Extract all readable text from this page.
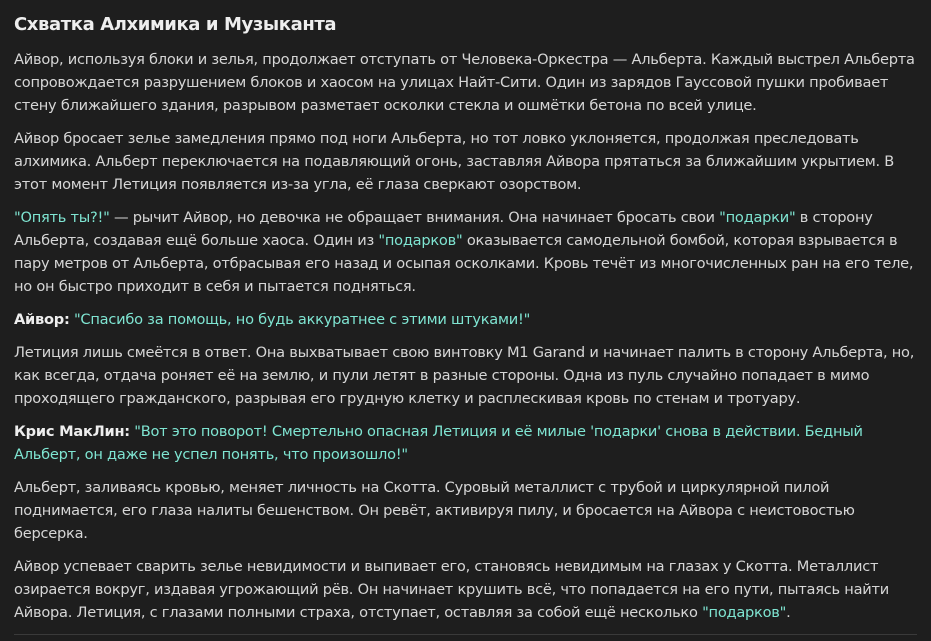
Схватка Алхимика и Музыканта

Айвор, используя блоки и зелья, продолжает отступать от Человека-Оркестра — Альберта. Каждый выстрел Альберта сопровождается разрушением блоков и хаосом на улицах Найт-Сити. Один из зарядов Гауссовой пушки пробивает стену ближайшего здания, разрывом разметает осколки стекла и ошмётки бетона по всей улице.

Айвор бросает зелье замедления прямо под ноги Альберта, но тот ловко уклоняется, продолжая преследовать алхимика. Альберт переключается на подавляющий огонь, заставляя Айвора прятаться за ближайшим укрытием. В этот момент Летиция появляется из-за угла, её глаза сверкают озорством.

"Опять ты?!" — рычит Айвор, но девочка не обращает внимания. Она начинает бросать свои "подарки" в сторону Альберта, создавая ещё больше хаоса. Один из "подарков" оказывается самодельной бомбой, которая взрывается в пару метров от Альберта, отбрасывая его назад и осыпая осколками. Кровь течёт из многочисленных ран на его теле, но он быстро приходит в себя и пытается подняться.

Айвор: "Спасибо за помощь, но будь аккуратнее с этими штуками!"

Летиция лишь смеётся в ответ. Она выхватывает свою винтовку M1 Garand и начинает палить в сторону Альберта, но, как всегда, отдача роняет её на землю, и пули летят в разные стороны. Одна из пуль случайно попадает в мимо проходящего гражданского, разрывая его грудную клетку и расплескивая кровь по стенам и тротуару.

Крис МакЛин: "Вот это поворот! Смертельно опасная Летиция и её милые 'подарки' снова в действии. Бедный Альберт, он даже не успел понять, что произошло!"

Альберт, заливаясь кровью, меняет личность на Скотта. Суровый металлист с трубой и циркулярной пилой поднимается, его глаза налиты бешенством. Он ревёт, активируя пилу, и бросается на Айвора с неистовостью берсерка.

Айвор успевает сварить зелье невидимости и выпивает его, становясь невидимым на глазах у Скотта. Металлист озирается вокруг, издавая угрожающий рёв. Он начинает крушить всё, что попадается на его пути, пытаясь найти Айвора. Летиция, с глазами полными страха, отступает, оставляя за собой ещё несколько "подарков".
